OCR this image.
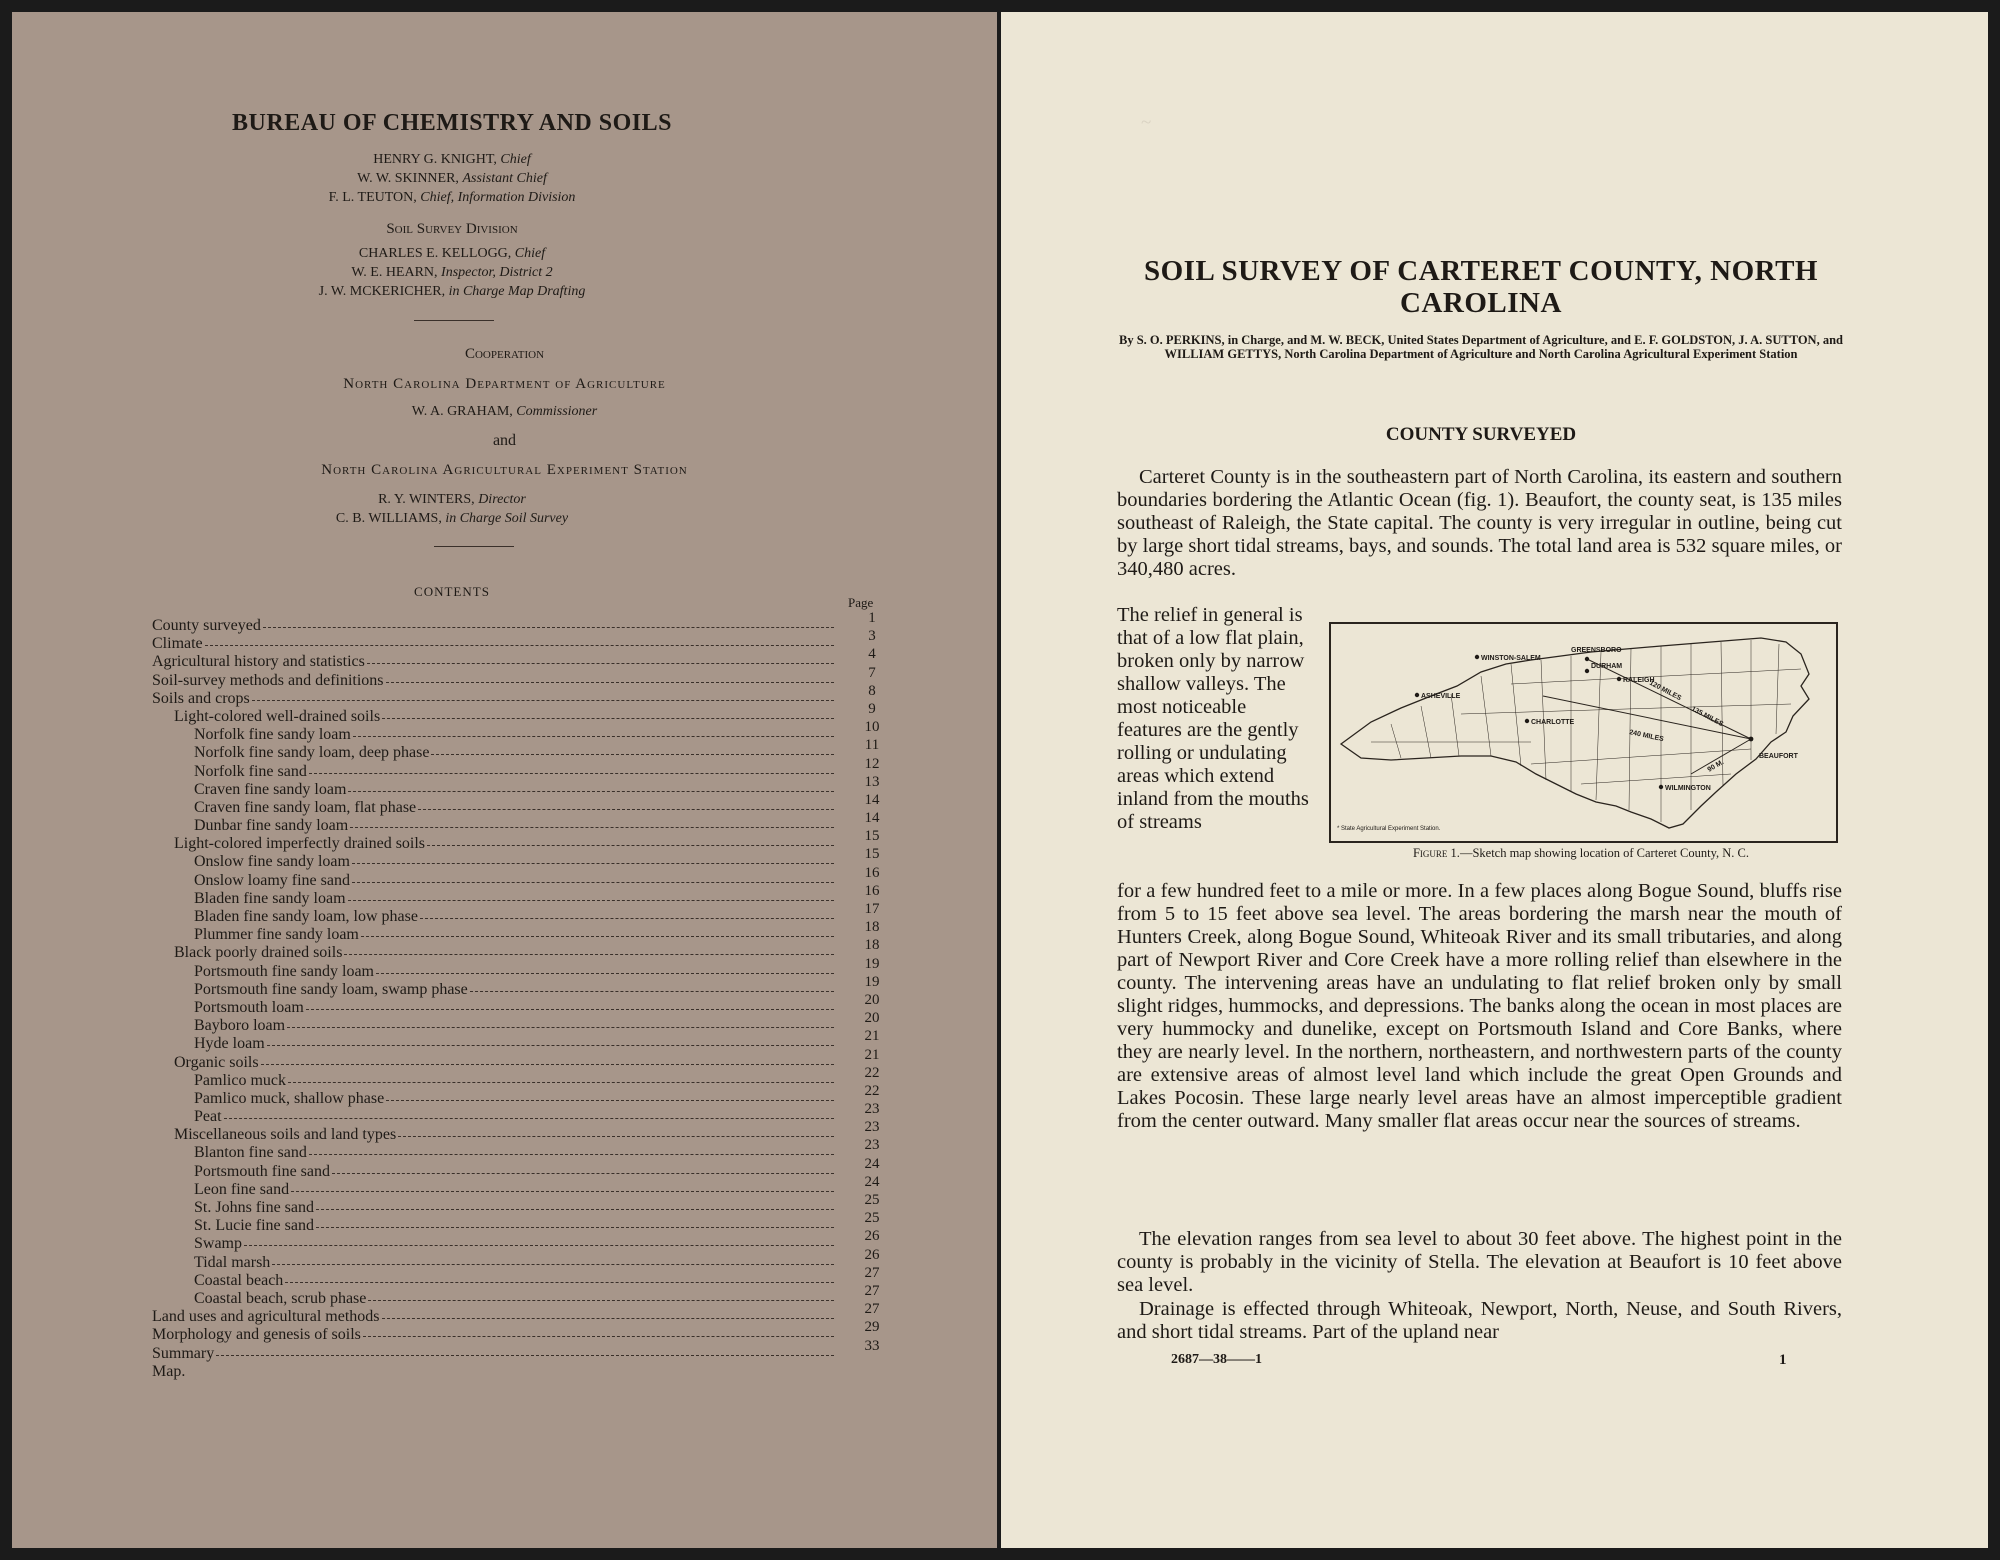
BUREAU OF CHEMISTRY AND SOILS
HENRY G. KNIGHT, Chief
W. W. SKINNER, Assistant Chief
F. L. TEUTON, Chief, Information Division
Soil Survey Division
CHARLES E. KELLOGG, Chief
W. E. HEARN, Inspector, District 2
J. W. MCKERICHER, in Charge Map Drafting
Cooperation
North Carolina Department of Agriculture
W. A. GRAHAM, Commissioner
and
North Carolina Agricultural Experiment Station
R. Y. WINTERS, Director
C. B. WILLIAMS, in Charge Soil Survey
CONTENTS
Page
County surveyed	1
Climate	3
Agricultural history and statistics	4
Soil-survey methods and definitions	7
Soils and crops	8
Light-colored well-drained soils	9
Norfolk fine sandy loam	10
Norfolk fine sandy loam, deep phase	11
Norfolk fine sand	12
Craven fine sandy loam	13
Craven fine sandy loam, flat phase	14
Dunbar fine sandy loam	14
Light-colored imperfectly drained soils	15
Onslow fine sandy loam	15
Onslow loamy fine sand	16
Bladen fine sandy loam	16
Bladen fine sandy loam, low phase	17
Plummer fine sandy loam	18
Black poorly drained soils	18
Portsmouth fine sandy loam	19
Portsmouth fine sandy loam, swamp phase	19
Portsmouth loam	20
Bayboro loam	20
Hyde loam	21
Organic soils	21
Pamlico muck	22
Pamlico muck, shallow phase	22
Peat	23
Miscellaneous soils and land types	23
Blanton fine sand	23
Portsmouth fine sand	24
Leon fine sand	24
St. Johns fine sand	25
St. Lucie fine sand	25
Swamp	26
Tidal marsh	26
Coastal beach	27
Coastal beach, scrub phase	27
Land uses and agricultural methods	27
Morphology and genesis of soils	29
Summary	33
Map.
~
SOIL SURVEY OF CARTERET COUNTY, NORTH CAROLINA
By S. O. PERKINS, in Charge, and M. W. BECK, United States Department of Agriculture, and E. F. GOLDSTON, J. A. SUTTON, and WILLIAM GETTYS, North Carolina Department of Agriculture and North Carolina Agricultural Experiment Station
COUNTY SURVEYED

Carteret County is in the southeastern part of North Carolina, its eastern and southern boundaries bordering the Atlantic Ocean (fig. 1). Beaufort, the county seat, is 135 miles southeast of Raleigh, the State capital. The county is very irregular in outline, being cut by large short tidal streams, bays, and sounds. The total land area is 532 square miles, or 340,480 acres.

The relief in general is that of a low flat plain, broken only by narrow shallow valleys. The most noticeable features are the gently rolling or undulating areas which extend inland from the mouths of streams

WINSTON-SALEM
GREENSBORO
DURHAM
RALEIGH
ASHEVILLE
CHARLOTTE
WILMINGTON
BEAUFORT
120 MILES
135 MILES
240 MILES
90 M.
* State Agricultural Experiment Station.
Figure 1.—Sketch map showing location of Carteret County, N. C.

for a few hundred feet to a mile or more. In a few places along Bogue Sound, bluffs rise from 5 to 15 feet above sea level. The areas bordering the marsh near the mouth of Hunters Creek, along Bogue Sound, Whiteoak River and its small tributaries, and along part of Newport River and Core Creek have a more rolling relief than elsewhere in the county. The intervening areas have an undulating to flat relief broken only by small slight ridges, hummocks, and depressions. The banks along the ocean in most places are very hummocky and dunelike, except on Portsmouth Island and Core Banks, where they are nearly level. In the northern, northeastern, and northwestern parts of the county are extensive areas of almost level land which include the great Open Grounds and Lakes Pocosin. These large nearly level areas have an almost imperceptible gradient from the center outward. Many smaller flat areas occur near the sources of streams.

The elevation ranges from sea level to about 30 feet above. The highest point in the county is probably in the vicinity of Stella. The elevation at Beaufort is 10 feet above sea level.

Drainage is effected through Whiteoak, Newport, North, Neuse, and South Rivers, and short tidal streams. Part of the upland near

2687—38——1	1
